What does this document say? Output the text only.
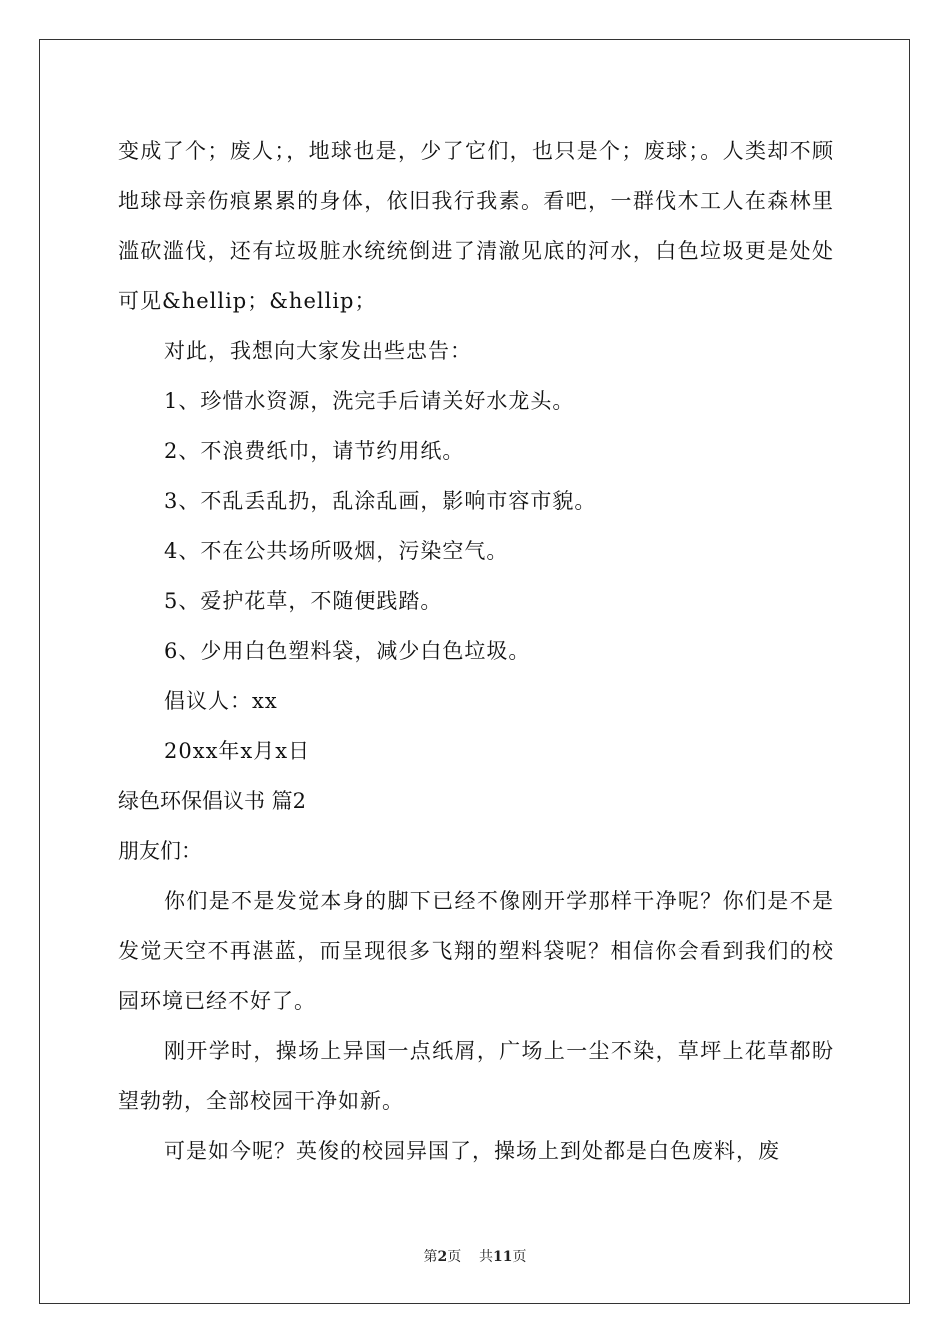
变成了个；废人；，地球也是，少了它们，也只是个；废球；。人类却不顾地球母亲伤痕累累的身体，依旧我行我素。看吧，一群伐木工人在森林里滥砍滥伐，还有垃圾脏水统统倒进了清澈见底的河水，白色垃圾更是处处可见&hellip；&hellip；

对此，我想向大家发出些忠告：

1、珍惜水资源，洗完手后请关好水龙头。

2、不浪费纸巾，请节约用纸。

3、不乱丢乱扔，乱涂乱画，影响市容市貌。

4、不在公共场所吸烟，污染空气。

5、爱护花草，不随便践踏。

6、少用白色塑料袋，减少白色垃圾。

倡议人：xx

20xx年x月x日

绿色环保倡议书 篇2

朋友们：

你们是不是发觉本身的脚下已经不像刚开学那样干净呢？你们是不是发觉天空不再湛蓝，而呈现很多飞翔的塑料袋呢？相信你会看到我们的校园环境已经不好了。

刚开学时，操场上异国一点纸屑，广场上一尘不染，草坪上花草都盼望勃勃，全部校园干净如新。

可是如今呢？英俊的校园异国了，操场上到处都是白色废料，废

第2页 共11页
